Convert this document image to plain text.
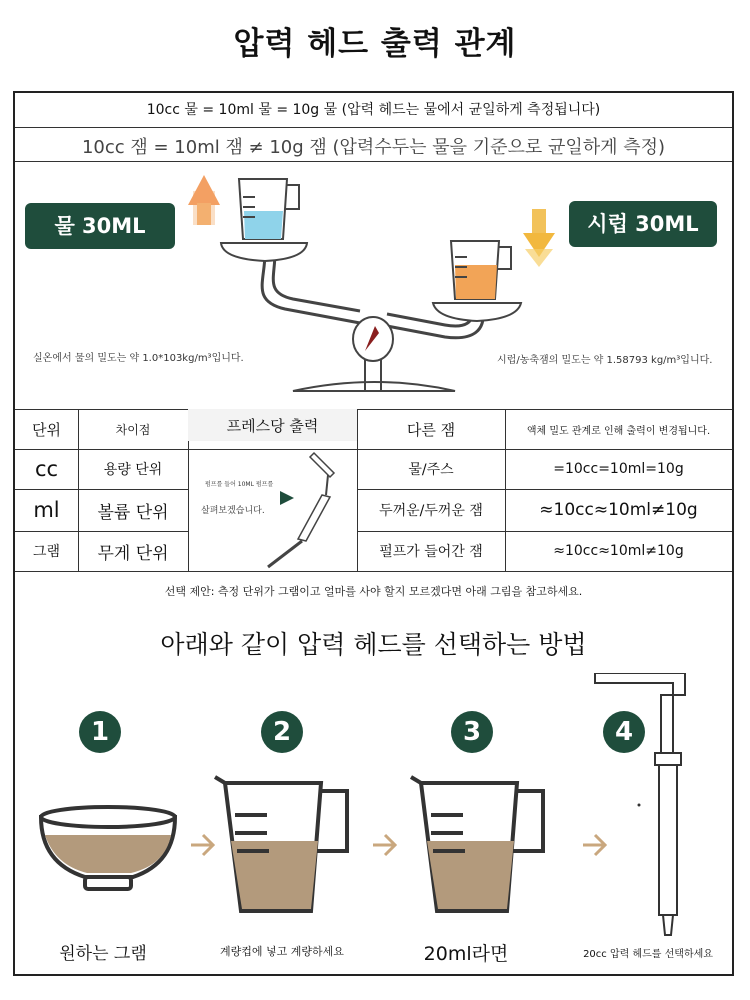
압력 헤드 출력 관계
10cc 물 = 10ml 물 = 10g 물 (압력 헤드는 물에서 균일하게 측정됩니다)
10cc 잼 = 10ml 잼 ≠ 10g 잼 (압력수두는 물을 기준으로 균일하게 측정)
물 30ML	시럽 30ML
실온에서 물의 밀도는 약 1.0*103kg/m³입니다.	시럽/농축잼의 밀도는 약 1.58793 kg/m³입니다.
단위	차이점	프레스당 출력	다른 잼	액체 밀도 관계로 인해 출력이 변경됩니다.
cc	용량 단위	물/주스	=10cc=10ml=10g
ml	볼륨 단위	두꺼운/두꺼운 잼	≈10cc≈10ml≠10g
그램	무게 단위	펄프가 들어간 잼	≈10cc≈10ml≠10g
펌프를 들어 10ML 펌프를
살펴보겠습니다.
선택 제안: 측정 단위가 그램이고 얼마를 사야 할지 모르겠다면 아래 그림을 참고하세요.
아래와 같이 압력 헤드를 선택하는 방법
1	2	3	4
원하는 그램	계량컵에 넣고 계량하세요	20ml라면	20cc 압력 헤드를 선택하세요
